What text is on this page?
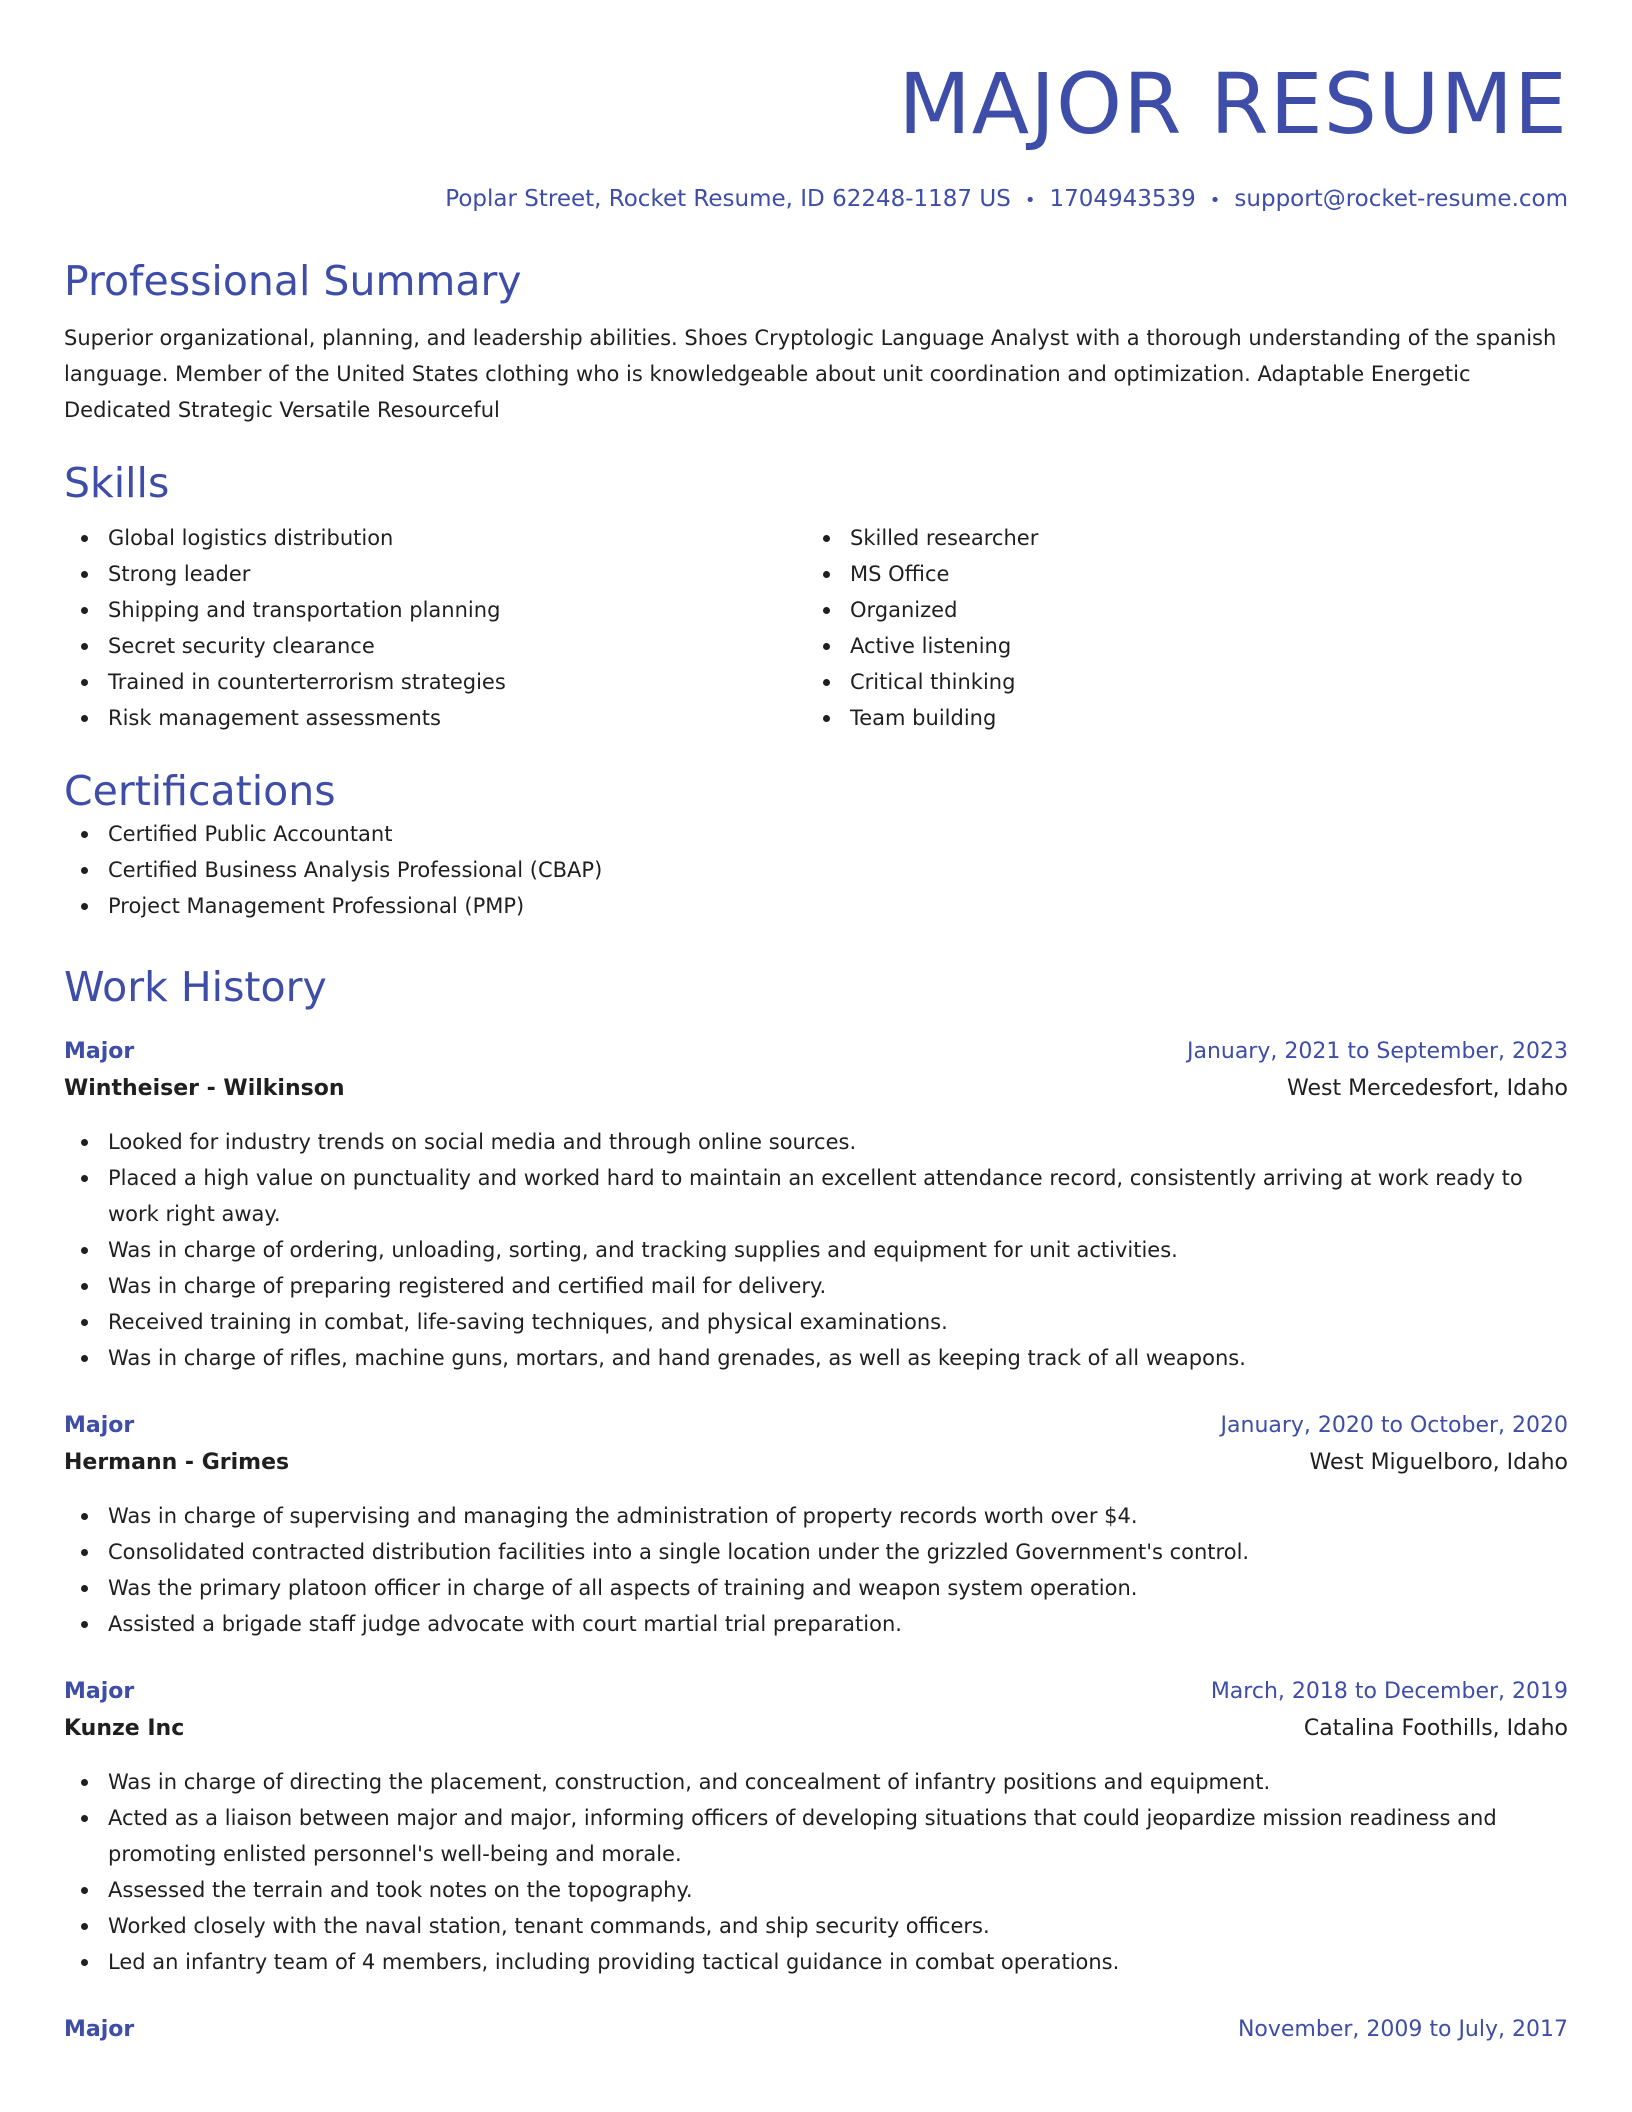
MAJOR RESUME
Poplar Street, Rocket Resume, ID 62248-1187 US • 1704943539 • support@rocket-resume.com
Professional Summary
Superior organizational, planning, and leadership abilities. Shoes Cryptologic Language Analyst with a thorough understanding of the spanish language. Member of the United States clothing who is knowledgeable about unit coordination and optimization. Adaptable Energetic Dedicated Strategic Versatile Resourceful
Skills
Global logistics distribution
Strong leader
Shipping and transportation planning
Secret security clearance
Trained in counterterrorism strategies
Risk management assessments
Skilled researcher
MS Office
Organized
Active listening
Critical thinking
Team building
Certifications
Certified Public Accountant
Certified Business Analysis Professional (CBAP)
Project Management Professional (PMP)
Work History
Major	January, 2021 to September, 2023
Wintheiser - Wilkinson	West Mercedesfort, Idaho
Looked for industry trends on social media and through online sources.
Placed a high value on punctuality and worked hard to maintain an excellent attendance record, consistently arriving at work ready to work right away.
Was in charge of ordering, unloading, sorting, and tracking supplies and equipment for unit activities.
Was in charge of preparing registered and certified mail for delivery.
Received training in combat, life-saving techniques, and physical examinations.
Was in charge of rifles, machine guns, mortars, and hand grenades, as well as keeping track of all weapons.
Major	January, 2020 to October, 2020
Hermann - Grimes	West Miguelboro, Idaho
Was in charge of supervising and managing the administration of property records worth over $4.
Consolidated contracted distribution facilities into a single location under the grizzled Government's control.
Was the primary platoon officer in charge of all aspects of training and weapon system operation.
Assisted a brigade staff judge advocate with court martial trial preparation.
Major	March, 2018 to December, 2019
Kunze Inc	Catalina Foothills, Idaho
Was in charge of directing the placement, construction, and concealment of infantry positions and equipment.
Acted as a liaison between major and major, informing officers of developing situations that could jeopardize mission readiness and promoting enlisted personnel's well-being and morale.
Assessed the terrain and took notes on the topography.
Worked closely with the naval station, tenant commands, and ship security officers.
Led an infantry team of 4 members, including providing tactical guidance in combat operations.
Major	November, 2009 to July, 2017
